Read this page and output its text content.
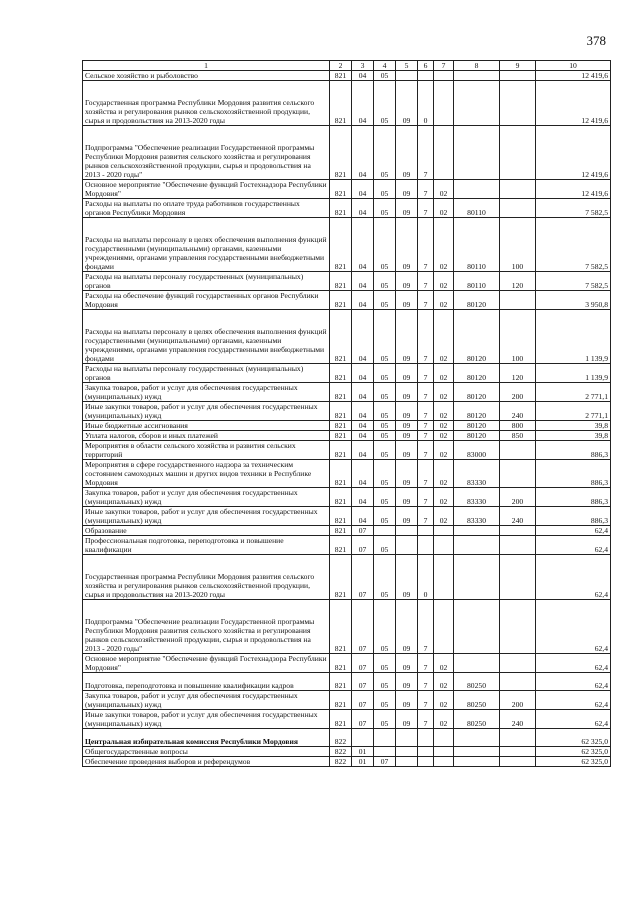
378
1	2	3	4	5	6	7	8	9	10
Сельское хозяйство и рыболовство	821	04	05						12 419,6
Государственная программа Республики Мордовия развития сельского хозяйства и регулирования рынков сельскохозяйственной продукции, сырья и продовольствия на 2013-2020 годы	821	04	05	09	0				12 419,6
Подпрограмма "Обеспечение реализации Государственной программы Республики Мордовия развития сельского хозяйства и регулирования рынков сельскохозяйственной продукции, сырья и продовольствия на 2013 - 2020 годы"	821	04	05	09	7				12 419,6
Основное мероприятие "Обеспечение функций Гостехнадзора Республики Мордовия"	821	04	05	09	7	02			12 419,6
Расходы на выплаты по оплате труда работников государственных органов Республики Мордовия	821	04	05	09	7	02	80110		7 582,5
Расходы на выплаты персоналу в целях обеспечения выполнения функций государственными (муниципальными) органами, казенными учреждениями, органами управления государственными внебюджетными фондами	821	04	05	09	7	02	80110	100	7 582,5
Расходы на выплаты персоналу государственных (муниципальных) органов	821	04	05	09	7	02	80110	120	7 582,5
Расходы на обеспечение функций государственных органов Республики Мордовия	821	04	05	09	7	02	80120		3 950,8
Расходы на выплаты персоналу в целях обеспечения выполнения функций государственными (муниципальными) органами, казенными учреждениями, органами управления государственными внебюджетными фондами	821	04	05	09	7	02	80120	100	1 139,9
Расходы на выплаты персоналу государственных (муниципальных) органов	821	04	05	09	7	02	80120	120	1 139,9
Закупка товаров, работ и услуг для обеспечения государственных (муниципальных) нужд	821	04	05	09	7	02	80120	200	2 771,1
Иные закупки товаров, работ и услуг для обеспечения государственных (муниципальных) нужд	821	04	05	09	7	02	80120	240	2 771,1
Иные бюджетные ассигнования	821	04	05	09	7	02	80120	800	39,8
Уплата налогов, сборов и иных платежей	821	04	05	09	7	02	80120	850	39,8
Мероприятия в области сельского хозяйства и развития сельских территорий	821	04	05	09	7	02	83000		886,3
Мероприятия в сфере государственного надзора за техническим состоянием самоходных машин и других видов техники в Республике Мордовия	821	04	05	09	7	02	83330		886,3
Закупка товаров, работ и услуг для обеспечения государственных (муниципальных) нужд	821	04	05	09	7	02	83330	200	886,3
Иные закупки товаров, работ и услуг для обеспечения государственных (муниципальных) нужд	821	04	05	09	7	02	83330	240	886,3
Образование	821	07							62,4
Профессиональная подготовка, переподготовка и повышение квалификации	821	07	05						62,4
Государственная программа Республики Мордовия развития сельского хозяйства и регулирования рынков сельскохозяйственной продукции, сырья и продовольствия на 2013-2020 годы	821	07	05	09	0				62,4
Подпрограмма "Обеспечение реализации Государственной программы Республики Мордовия развития сельского хозяйства и регулирования рынков сельскохозяйственной продукции, сырья и продовольствия на 2013 - 2020 годы"	821	07	05	09	7				62,4
Основное мероприятие "Обеспечение функций Гостехнадзора Республики Мордовия"	821	07	05	09	7	02			62,4
Подготовка, переподготовка и повышение квалификации кадров	821	07	05	09	7	02	80250		62,4
Закупка товаров, работ и услуг для обеспечения государственных (муниципальных) нужд	821	07	05	09	7	02	80250	200	62,4
Иные закупки товаров, работ и услуг для обеспечения государственных (муниципальных) нужд	821	07	05	09	7	02	80250	240	62,4
Центральная избирательная комиссия Республики Мордовия	822								62 325,0
Общегосударственные вопросы	822	01							62 325,0
Обеспечение проведения выборов и референдумов	822	01	07						62 325,0
